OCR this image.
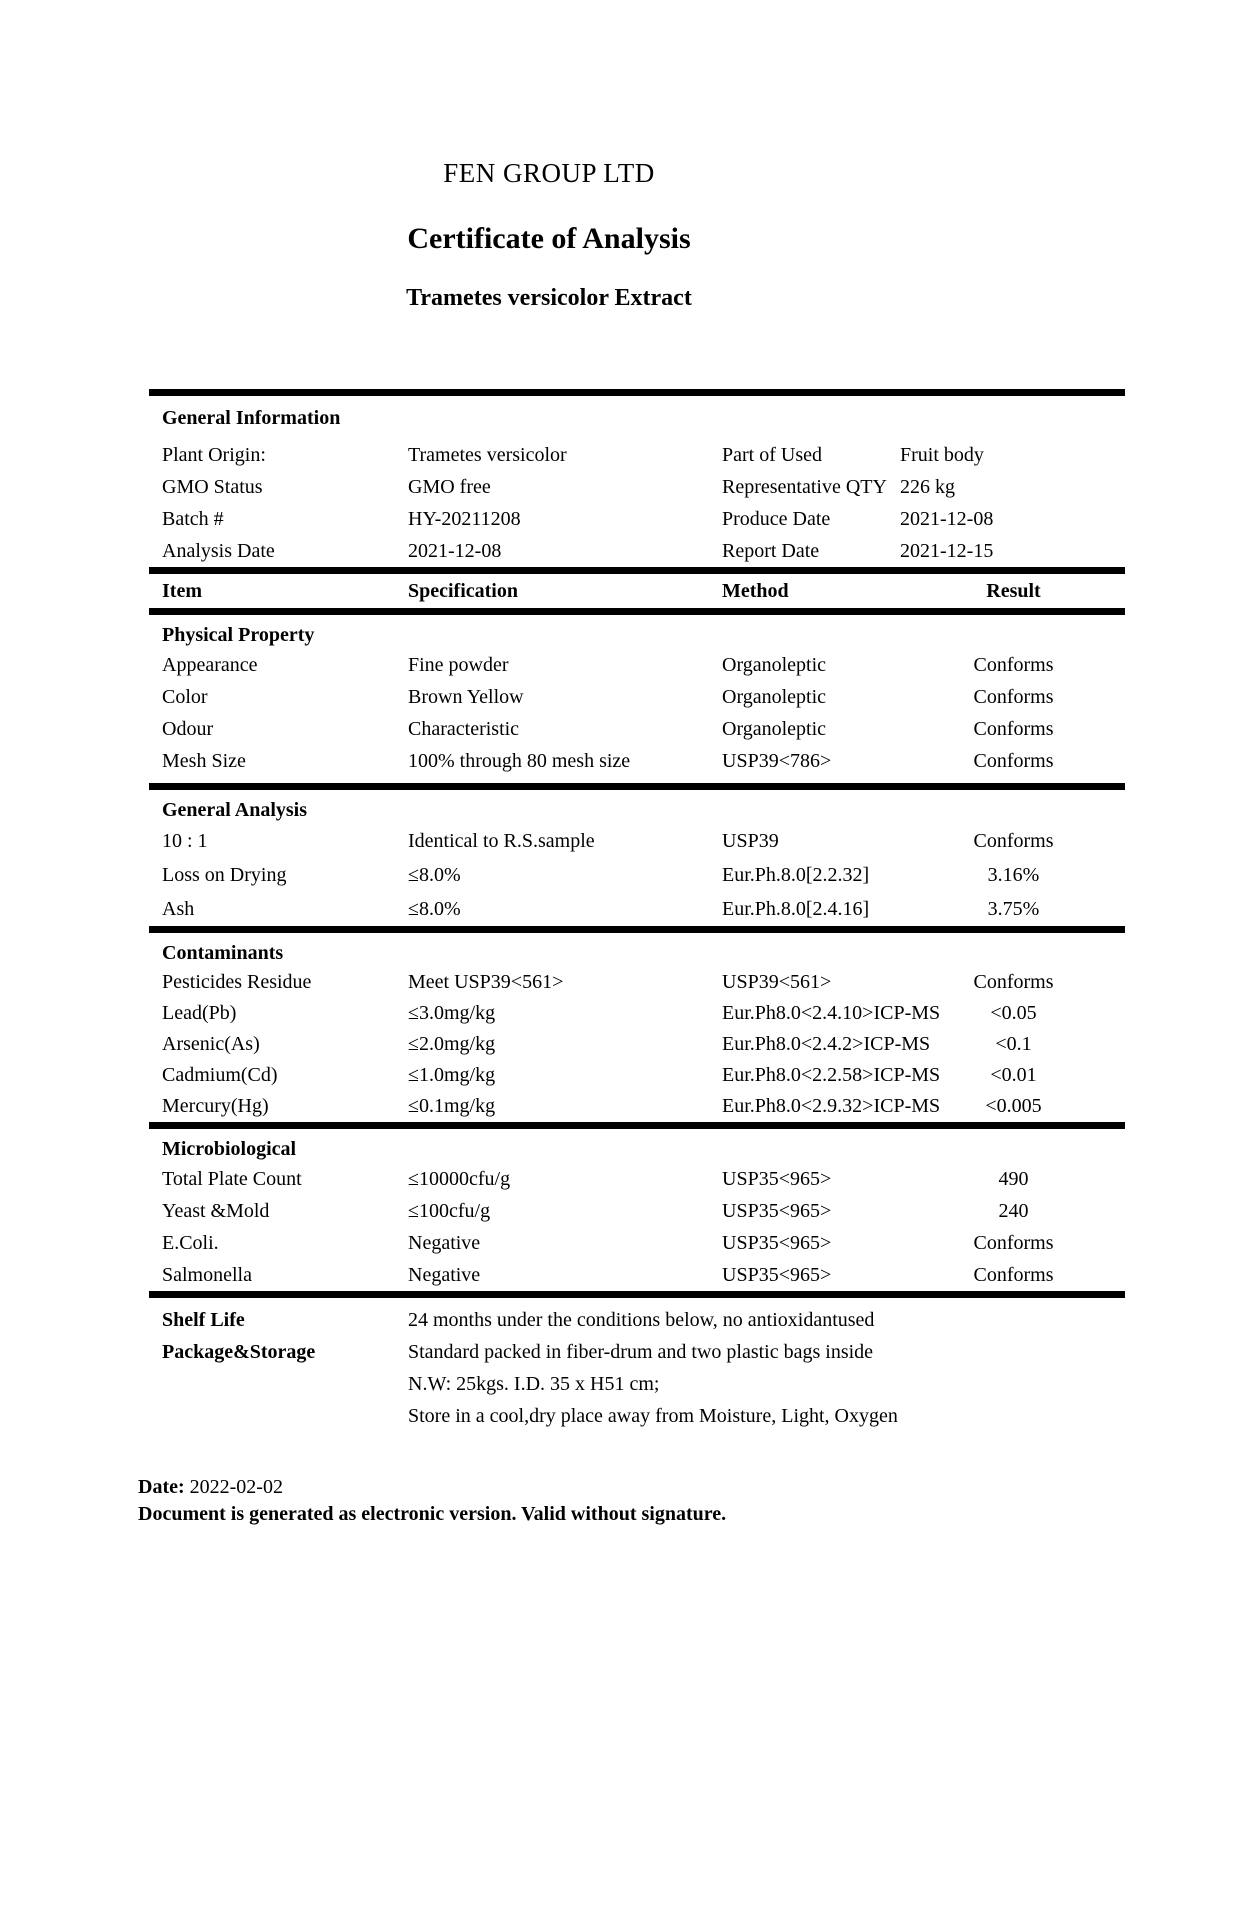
FEN GROUP LTD
Certificate of Analysis
Trametes versicolor Extract
General Information
Plant Origin:	Trametes versicolor	Part of Used	Fruit body
GMO Status	GMO free	Representative QTY 226 kg
Batch #	HY-20211208	Produce Date	2021-12-08
Analysis Date	2021-12-08	Report Date	2021-12-15
Item	Specification	Method	Result
Physical Property
Appearance	Fine powder	Organoleptic	Conforms
Color	Brown Yellow	Organoleptic	Conforms
Odour	Characteristic	Organoleptic	Conforms
Mesh Size	100% through 80 mesh size	USP39<786>	Conforms
General Analysis
10 : 1	Identical to R.S.sample	USP39	Conforms
Loss on Drying	≤8.0%	Eur.Ph.8.0[2.2.32]	3.16%
Ash	≤8.0%	Eur.Ph.8.0[2.4.16]	3.75%
Contaminants
Pesticides Residue	Meet USP39<561>	USP39<561>	Conforms
Lead(Pb)	≤3.0mg/kg	Eur.Ph8.0<2.4.10>ICP-MS	<0.05
Arsenic(As)	≤2.0mg/kg	Eur.Ph8.0<2.4.2>ICP-MS	<0.1
Cadmium(Cd)	≤1.0mg/kg	Eur.Ph8.0<2.2.58>ICP-MS	<0.01
Mercury(Hg)	≤0.1mg/kg	Eur.Ph8.0<2.9.32>ICP-MS	<0.005
Microbiological
Total Plate Count	≤10000cfu/g	USP35<965>	490
Yeast &Mold	≤100cfu/g	USP35<965>	240
E.Coli.	Negative	USP35<965>	Conforms
Salmonella	Negative	USP35<965>	Conforms
Shelf Life	24 months under the conditions below, no antioxidantused
Package&Storage	Standard packed in fiber-drum and two plastic bags inside
N.W: 25kgs. I.D. 35 x H51 cm;
Store in a cool,dry place away from Moisture, Light, Oxygen
Date: 2022-02-02
Document is generated as electronic version. Valid without signature.
